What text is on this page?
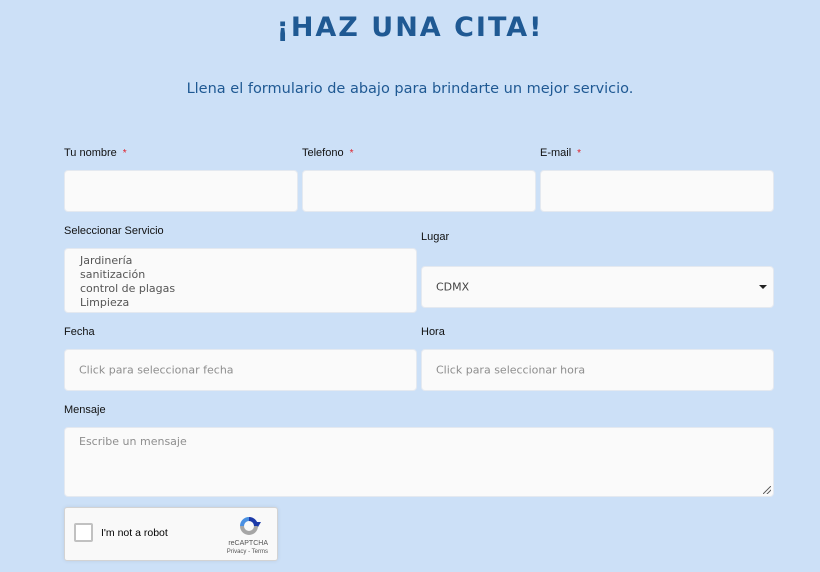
¡HAZ UNA CITA!
Llena el formulario de abajo para brindarte un mejor servicio.
Tu nombre *	Telefono *	E-mail *
Seleccionar Servicio
Jardinería
sanitización
control de plagas
Limpieza
Lugar
CDMX
Fecha
Click para seleccionar fecha
Hora
Click para seleccionar hora
Mensaje
Escribe un mensaje
I'm not a robot
reCAPTCHA
Privacy - Terms
